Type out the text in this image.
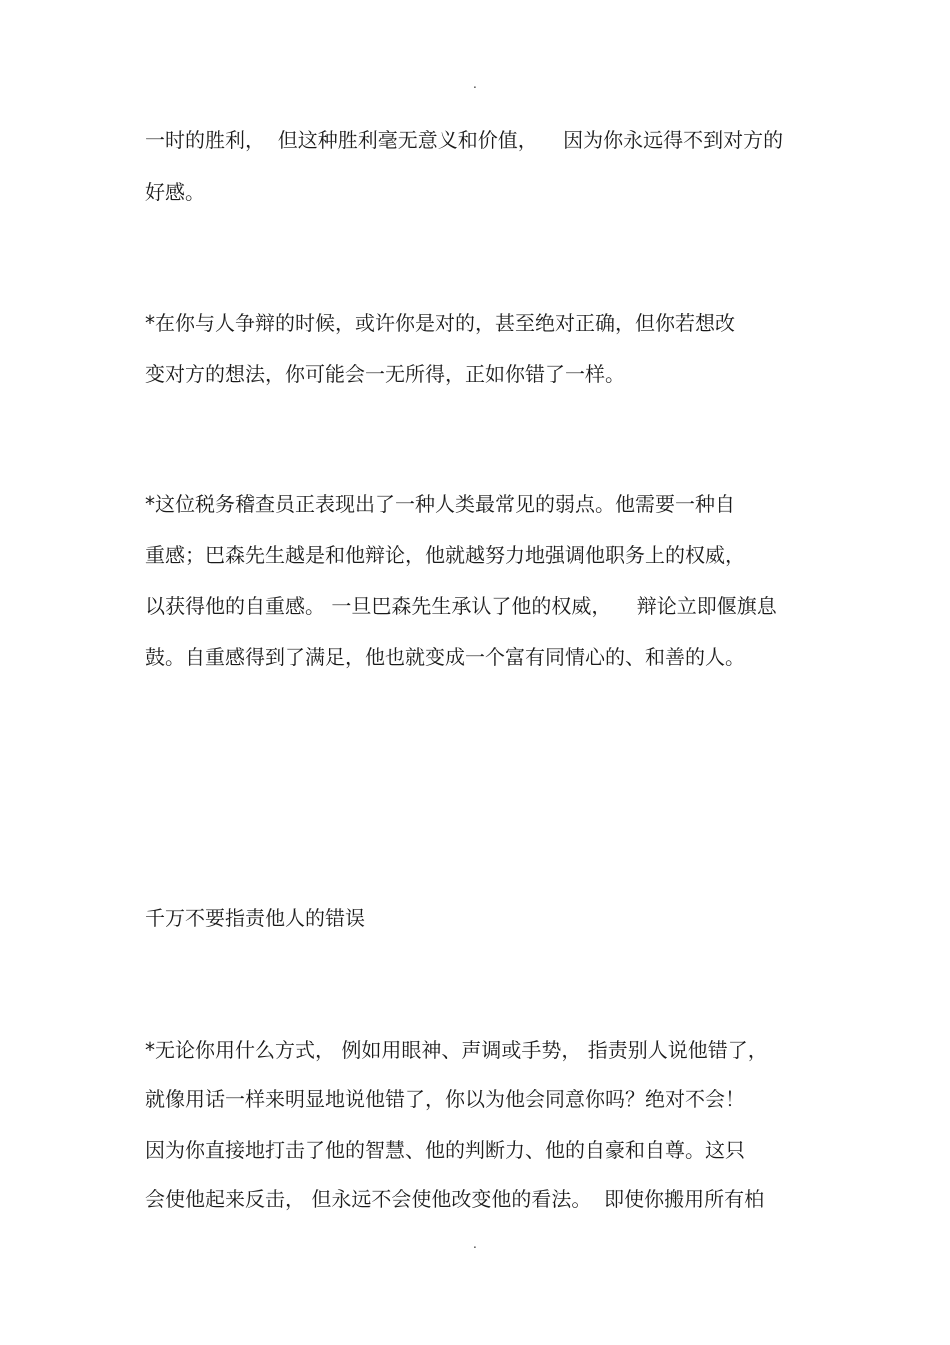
.
一时的胜利，  但这种胜利毫无意义和价值，    因为你永远得不到对方的
好感。
*在你与人争辩的时候，或许你是对的，甚至绝对正确，但你若想改
变对方的想法，你可能会一无所得，正如你错了一样。
*这位税务稽查员正表现出了一种人类最常见的弱点。他需要一种自
重感；巴森先生越是和他辩论，他就越努力地强调他职务上的权威，
以获得他的自重感。 一旦巴森先生承认了他的权威，    辩论立即偃旗息
鼓。自重感得到了满足，他也就变成一个富有同情心的、和善的人。
千万不要指责他人的错误
*无论你用什么方式， 例如用眼神、声调或手势， 指责别人说他错了，
就像用话一样来明显地说他错了，你以为他会同意你吗？绝对不会！
因为你直接地打击了他的智慧、他的判断力、他的自豪和自尊。这只
会使他起来反击， 但永远不会使他改变他的看法。  即使你搬用所有柏
.
